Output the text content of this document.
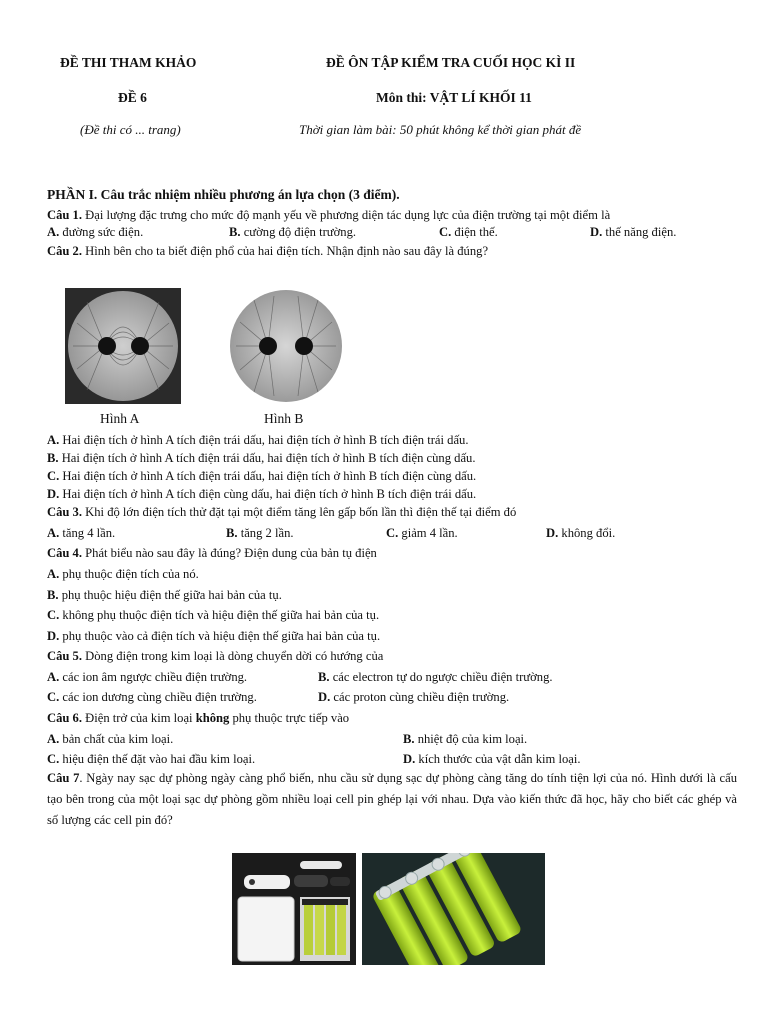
ĐỀ THI THAM KHẢO	ĐỀ ÔN TẬP KIỂM TRA CUỐI HỌC KÌ II
ĐỀ 6	Môn thi: VẬT LÍ KHỐI 11
(Đề thi có ... trang)	Thời gian làm bài: 50 phút không kể thời gian phát đề
PHẦN I. Câu trắc nhiệm nhiều phương án lựa chọn (3 điểm).
Câu 1. Đại lượng đặc trưng cho mức độ mạnh yếu về phương diện tác dụng lực của điện trường tại một điểm là
A. đường sức điện.	B. cường độ điện trường.	C. điện thế.	D. thế năng điện.
Câu 2. Hình bên cho ta biết điện phổ của hai điện tích. Nhận định nào sau đây là đúng?
Hình A	Hình B
A. Hai điện tích ở hình A tích điện trái dấu, hai điện tích ở hình B tích điện trái dấu.
B. Hai điện tích ở hình A tích điện trái dấu, hai điện tích ở hình B tích điện cùng dấu.
C. Hai điện tích ở hình A tích điện trái dấu, hai điện tích ở hình B tích điện cùng dấu.
D. Hai điện tích ở hình A tích điện cùng dấu, hai điện tích ở hình B tích điện trái dấu.
Câu 3. Khi độ lớn điện tích thử đặt tại một điểm tăng lên gấp bốn lần thì điện thế tại điểm đó
A. tăng 4 lần.	B. tăng 2 lần.	C. giảm 4 lần.	D. không đổi.
Câu 4. Phát biểu nào sau đây là đúng? Điện dung của bản tụ điện
A. phụ thuộc điện tích của nó.
B. phụ thuộc hiệu điện thế giữa hai bản của tụ.
C. không phụ thuộc điện tích và hiệu điện thế giữa hai bản của tụ.
D. phụ thuộc vào cả điện tích và hiệu điện thế giữa hai bản của tụ.
Câu 5. Dòng điện trong kim loại là dòng chuyển dời có hướng của
A. các ion âm ngược chiều điện trường.	B. các electron tự do ngược chiều điện trường.
C. các ion dương cùng chiều điện trường.	D. các proton cùng chiều điện trường.
Câu 6. Điện trở của kim loại không phụ thuộc trực tiếp vào
A. bản chất của kim loại.	B. nhiệt độ của kim loại.
C. hiệu điện thế đặt vào hai đầu kim loại.	D. kích thước của vật dẫn kim loại.
Câu 7. Ngày nay sạc dự phòng ngày càng phổ biến, nhu cầu sử dụng sạc dự phòng càng tăng do tính tiện lợi của nó. Hình dưới là cấu tạo bên trong của một loại sạc dự phòng gồm nhiều loại cell pin ghép lại với nhau. Dựa vào kiến thức đã học, hãy cho biết các ghép và số lượng các cell pin đó?
